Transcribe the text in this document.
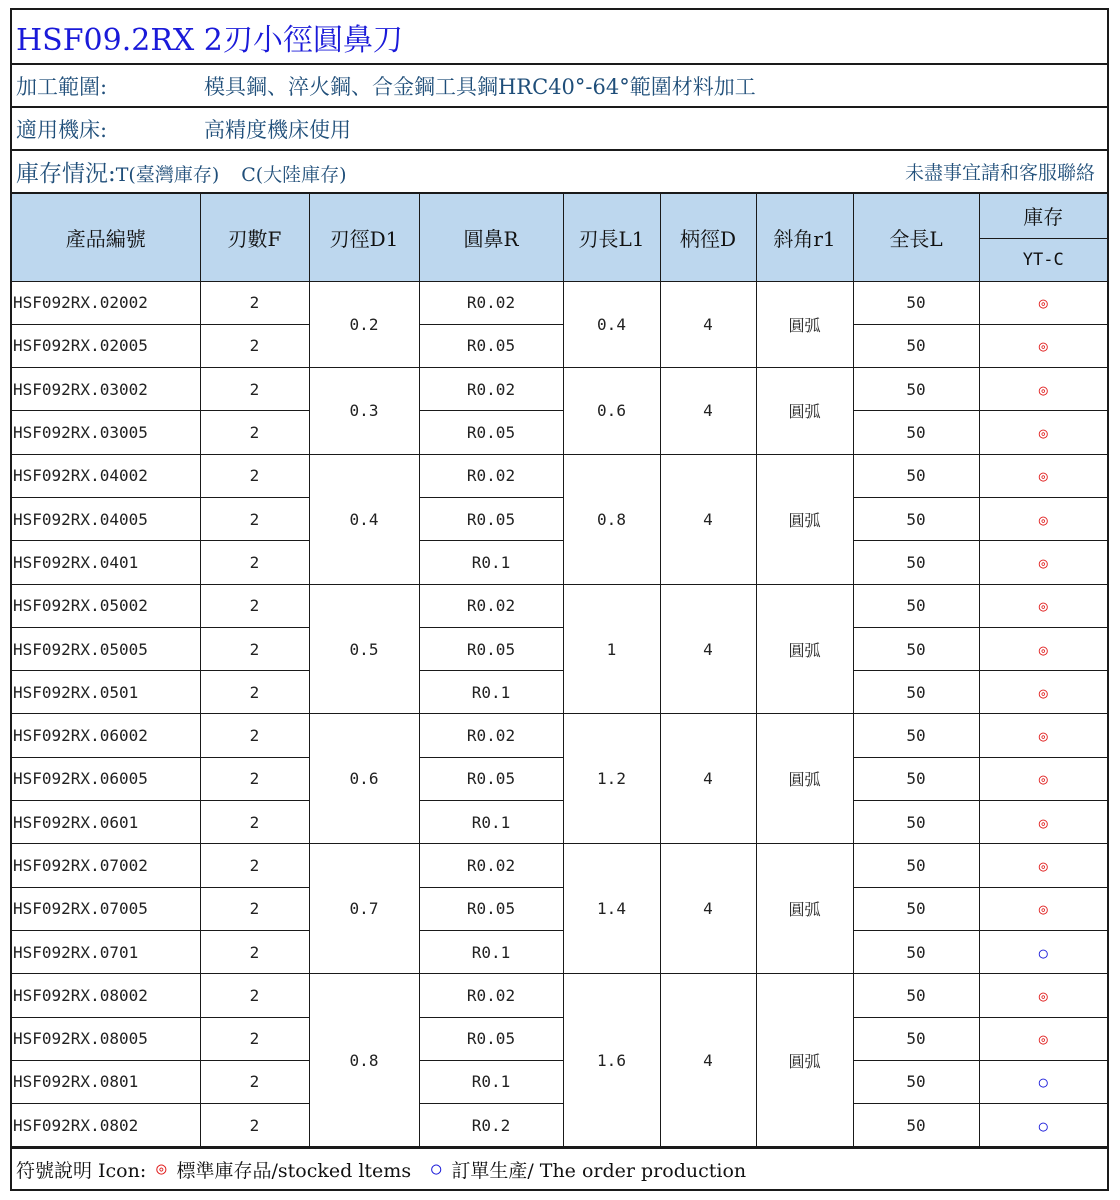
HSF09.2RX 2刃小徑圓鼻刀
加工範圍:	模具鋼、淬火鋼、合金鋼工具鋼HRC40°-64°範圍材料加工
適用機床:	高精度機床使用
庫存情況:T(臺灣庫存) C(大陸庫存)	未盡事宜請和客服聯絡
產品編號	刃數F	刃徑D1	圓鼻R	刃長L1	柄徑D	斜角r1	全長L	庫存
								YT-C
HSF092RX.02002	2	0.2	R0.02	0.4	4	圓弧	50	◎
HSF092RX.02005	2		R0.05				50	◎
HSF092RX.03002	2	0.3	R0.02	0.6	4	圓弧	50	◎
HSF092RX.03005	2		R0.05				50	◎
HSF092RX.04002	2	0.4	R0.02	0.8	4	圓弧	50	◎
HSF092RX.04005	2		R0.05				50	◎
HSF092RX.0401	2		R0.1				50	◎
HSF092RX.05002	2	0.5	R0.02	1	4	圓弧	50	◎
HSF092RX.05005	2		R0.05				50	◎
HSF092RX.0501	2		R0.1				50	◎
HSF092RX.06002	2	0.6	R0.02	1.2	4	圓弧	50	◎
HSF092RX.06005	2		R0.05				50	◎
HSF092RX.0601	2		R0.1				50	◎
HSF092RX.07002	2	0.7	R0.02	1.4	4	圓弧	50	◎
HSF092RX.07005	2		R0.05				50	◎
HSF092RX.0701	2		R0.1				50	○
HSF092RX.08002	2	0.8	R0.02	1.6	4	圓弧	50	◎
HSF092RX.08005	2		R0.05				50	◎
HSF092RX.0801	2		R0.1				50	○
HSF092RX.0802	2		R0.2				50	○
符號說明 Icon: ◎ 標準庫存品/stocked ltems ○ 訂單生產/ The order production
